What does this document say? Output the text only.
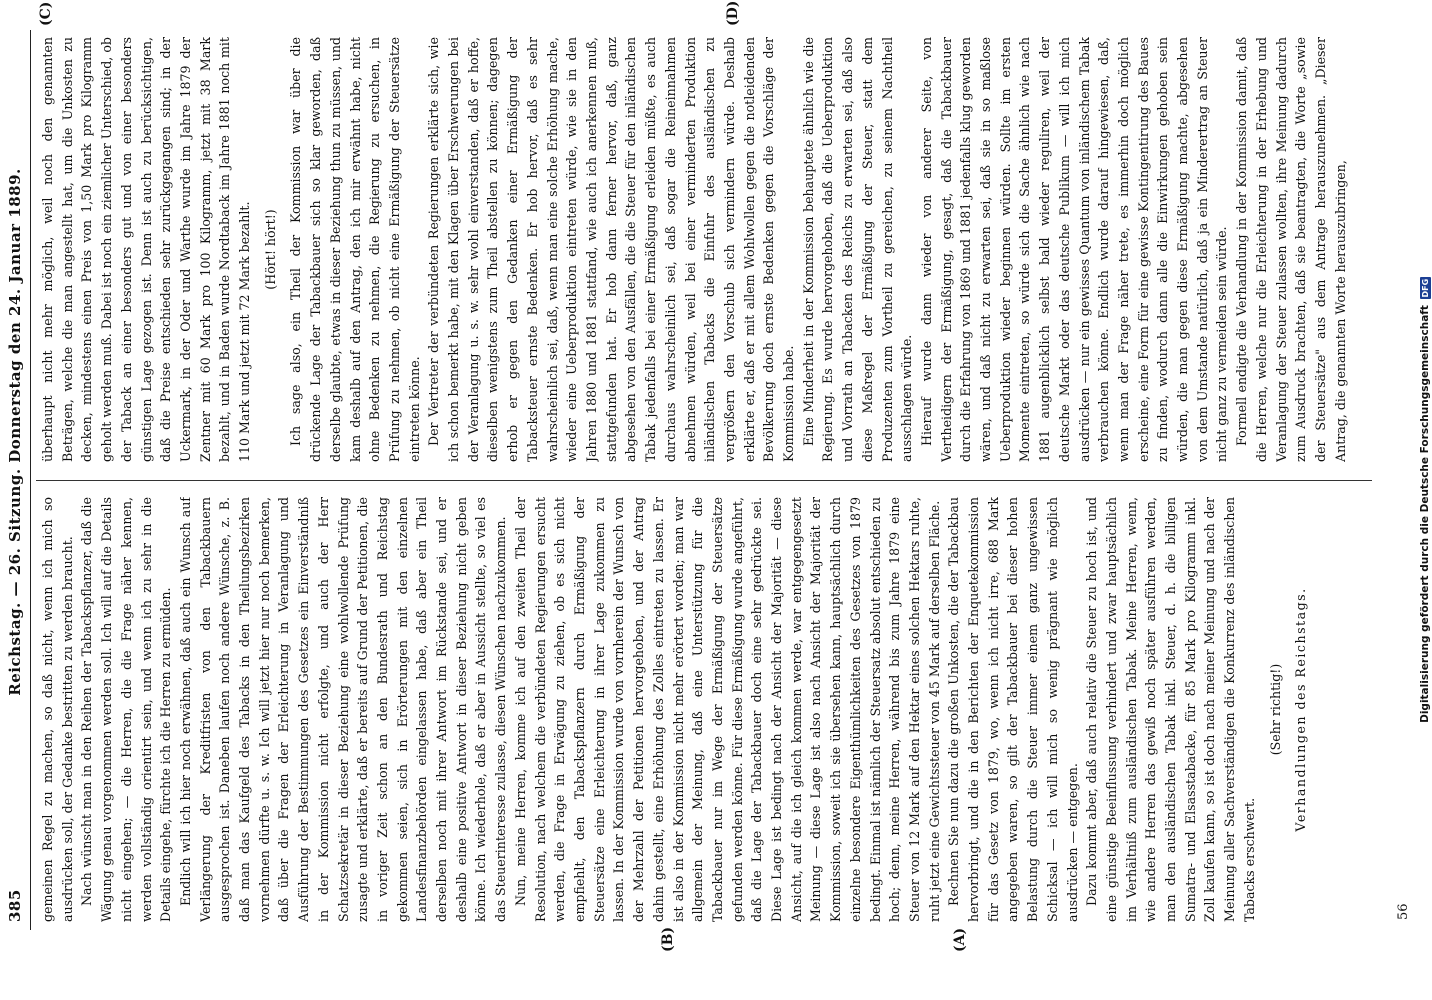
385
Reichstag. — 26. Sitzung. Donnerstag den 24. Januar 1889.
(C)	(D)
(A)
(B)

gemeinen Regel zu machen, so daß nicht, wenn ich mich so ausdrücken soll, der Gedanke bestritten zu werden braucht. Nach wünscht man in den Reihen der Tabackspflanzer, daß die Wägung genau vorgenommen werden soll. Ich will auf die Details nicht eingehen; — die Herren, die die Frage näher kennen, werden vollständig orientirt sein, und wenn ich zu sehr in die Details eingehe, fürchte ich die Herren zu ermüden. Endlich will ich hier noch erwähnen, daß auch ein Wunsch auf Verlängerung der Kreditfristen von den Tabackbauern ausgesprochen ist. Daneben laufen noch andere Wünsche, z. B. daß man das Kaufgeld des Tabacks in den Theilungsbezirken vornehmen dürfte u. s. w. Ich will jetzt hier nur noch bemerken, daß über die Fragen der Erleichterung in Veranlagung und Ausführung der Bestimmungen des Gesetzes ein Einverständniß in der Kommission nicht erfolgte, und auch der Herr Schatzsekretär in dieser Beziehung eine wohlwollende Prüfung zusagte und erklärte, daß er bereits auf Grund der Petitionen, die in voriger Zeit schon an den Bundesrath und Reichstag gekommen seien, sich in Erörterungen mit den einzelnen Landesfinanzbehörden eingelassen habe, daß aber ein Theil derselben noch mit ihrer Antwort im Rückstande sei, und er deshalb eine positive Antwort in dieser Beziehung nicht geben könne. Ich wiederhole, daß er aber in Aussicht stellte, so viel es das Steuerinteresse zulasse, diesen Wünschen nachzukommen. Nun, meine Herren, komme ich auf den zweiten Theil der Resolution, nach welchem die verbündeten Regierungen ersucht werden, die Frage in Erwägung zu ziehen, ob es sich nicht empfiehlt, den Tabackspflanzern durch Ermäßigung der Steuersätze eine Erleichterung in ihrer Lage zukommen zu lassen. In der Kommission wurde von vornherein der Wunsch von der Mehrzahl der Petitionen hervorgehoben, und der Antrag dahin gestellt, eine Erhöhung des Zolles eintreten zu lassen. Er ist also in der Kommission nicht mehr erörtert worden; man war allgemein der Meinung, daß eine Unterstützung für die Tabackbauer nur im Wege der Ermäßigung der Steuersätze gefunden werden könne. Für diese Ermäßigung wurde angeführt, daß die Lage der Tabackbauer doch eine sehr gedrückte sei. Diese Lage ist bedingt nach der Ansicht der Majorität — diese Ansicht, auf die ich gleich kommen werde, war entgegengesetzt Meinung — diese Lage ist also nach Ansicht der Majorität der Kommission, soweit ich sie übersehen kann, hauptsächlich durch einzelne besondere Eigenthümlichkeiten des Gesetzes von 1879 bedingt. Einmal ist nämlich der Steuersatz absolut entschieden zu hoch; denn, meine Herren, während bis zum Jahre 1879 eine Steuer von 12 Mark auf den Hektar eines solchen Hektars ruhte, ruht jetzt eine Gewichtssteuer von 45 Mark auf derselben Fläche. Rechnen Sie nun dazu die großen Unkosten, die der Tabackbau hervorbringt, und die in den Berichten der Enquetekommission für das Gesetz von 1879, wo, wenn ich nicht irre, 688 Mark angegeben waren, so gilt der Tabackbauer bei dieser hohen Belastung durch die Steuer immer einem ganz ungewissen Schicksal — ich will mich so wenig prägnant wie möglich ausdrücken — entgegen. Dazu kommt aber, daß auch relativ die Steuer zu hoch ist, und eine günstige Beeinflussung verhindert und zwar hauptsächlich im Verhältniß zum ausländischen Tabak. Meine Herren, wenn, wie andere Herren das gewiß noch später ausführen werden, man den ausländischen Tabak inkl. Steuer, d. h. die billigen Sumatra- und Elsasstabacke, für 85 Mark pro Kilogramm inkl. Zoll kaufen kann, so ist doch nach meiner Meinung und nach der Meinung aller Sachverständigen die Konkurrenz des inländischen Tabacks erschwert.

(Sehr richtig!) Verhandlungen des Reichstags.

überhaupt nicht mehr möglich, weil noch den genannten Beträgen, welche die man angestellt hat, um die Unkosten zu decken, mindestens einen Preis von 1,50 Mark pro Kilogramm geholt werden muß. Dabei ist noch ein ziemlicher Unterschied, ob der Taback an einer besonders gut und von einer besonders günstigen Lage gezogen ist. Denn ist auch zu berücksichtigen, daß die Preise entschieden sehr zurückgegangen sind; in der Uckermark, in der Oder und Warthe wurde im Jahre 1879 der Zentner mit 60 Mark pro 100 Kilogramm, jetzt mit 38 Mark bezahlt, und in Baden wurde Nordtaback im Jahre 1881 noch mit 110 Mark und jetzt mit 72 Mark bezahlt. (Hört! hört!) Ich sage also, ein Theil der Kommission war über die drückende Lage der Tabackbauer sich so klar geworden, daß derselbe glaubte, etwas in dieser Beziehung thun zu müssen, und kam deshalb auf den Antrag, den ich mir erwähnt habe, nicht ohne Bedenken zu nehmen, die Regierung zu ersuchen, in Prüfung zu nehmen, ob nicht eine Ermäßigung der Steuersätze eintreten könne. Der Vertreter der verbündeten Regierungen erklärte sich, wie ich schon bemerkt habe, mit den Klagen über Erschwerungen bei der Veranlagung u. s. w. sehr wohl einverstanden, daß er hoffe, dieselben wenigstens zum Theil abstellen zu können; dagegen erhob er gegen den Gedanken einer Ermäßigung der Tabacksteuer ernste Bedenken. Er hob hervor, daß es sehr wahrscheinlich sei, daß, wenn man eine solche Erhöhung mache, wieder eine Ueberproduktion eintreten würde, wie sie in den Jahren 1880 und 1881 stattfand, wie auch ich anerkennen muß, stattgefunden hat. Er hob dann ferner hervor, daß, ganz abgesehen von den Ausfällen, die die Steuer für den inländischen Tabak jedenfalls bei einer Ermäßigung erleiden müßte, es auch durchaus wahrscheinlich sei, daß sogar die Reineinnahmen abnehmen würden, weil bei einer verminderten Produktion inländischen Tabacks die Einfuhr des ausländischen zu vergrößern den Vorschub sich vermindern würde. Deshalb erklärte er, daß er mit allem Wohlwollen gegen die notleidenden Bevölkerung doch ernste Bedenken gegen die Vorschläge der Kommission habe. Eine Minderheit in der Kommission behauptete ähnlich wie die Regierung. Es wurde hervorgehoben, daß die Ueberproduktion und Vorrath an Tabacken des Reichs zu erwarten sei, daß also diese Maßregel der Ermäßigung der Steuer, statt dem Produzenten zum Vortheil zu gereichen, zu seinem Nachtheil ausschlagen würde. Hierauf wurde dann wieder von anderer Seite, von Vertheidigern der Ermäßigung, gesagt, daß die Tabackbauer durch die Erfahrung von 1869 und 1881 jedenfalls klug geworden wären, und daß nicht zu erwarten sei, daß sie in so maßlose Ueberproduktion wieder beginnen würden. Sollte im ersten Momente eintreten, so würde sich die Sache ähnlich wie nach 1881 augenblicklich selbst bald wieder reguliren, weil der deutsche Markt oder das deutsche Publikum — will ich mich ausdrücken — nur ein gewisses Quantum von inländischem Tabak verbrauchen könne. Endlich wurde darauf hingewiesen, daß, wenn man der Frage näher trete, es immerhin doch möglich erscheine, eine Form für eine gewisse Kontingentirung des Baues zu finden, wodurch dann alle die Einwirkungen gehoben sein würden, die man gegen diese Ermäßigung machte, abgesehen von dem Umstande natürlich, daß ja ein Minderertrag an Steuer nicht ganz zu vermeiden sein würde. Formell endigte die Verhandlung in der Kommission damit, daß die Herren, welche nur die Erleichterung in der Erhebung und Veranlagung der Steuer zulassen wollten, ihre Meinung dadurch zum Ausdruck brachten, daß sie beantragten, die Worte „sowie der Steuersätze" aus dem Antrage herauszunehmen. „Dieser Antrag, die genannten Worte herauszubringen,

56
Digitalisierung gefördert durch die Deutsche Forschungsgemeinschaft
DFG
